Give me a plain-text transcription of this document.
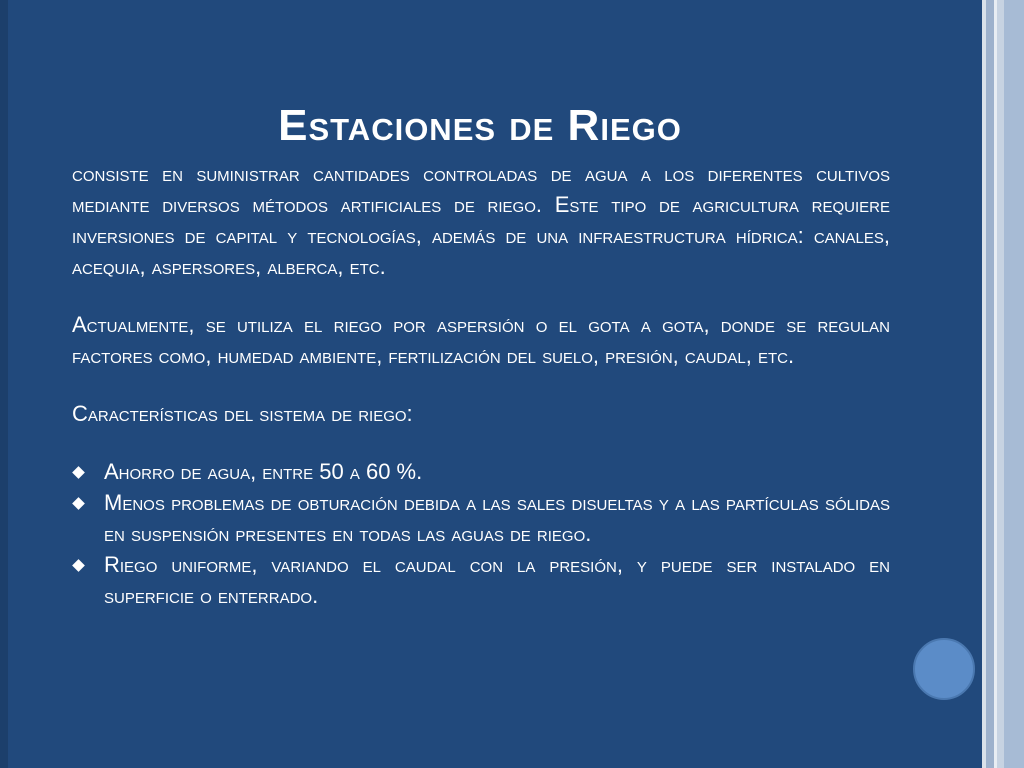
Estaciones de Riego

consiste en suministrar cantidades controladas de agua a los diferentes cultivos mediante diversos métodos artificiales de riego. Este tipo de agricultura requiere inversiones de capital y tecnologías, además de una infraestructura hídrica: canales, acequia, aspersores, alberca, etc.

Actualmente, se utiliza el riego por aspersión o el gota a gota, donde se regulan factores como, humedad ambiente, fertilización del suelo, presión, caudal, etc.

Características del sistema de riego:

Ahorro de agua, entre 50 a 60 %.
Menos problemas de obturación debida a las sales disueltas y a las partículas sólidas en suspensión presentes en todas las aguas de riego.
Riego uniforme, variando el caudal con la presión, y puede ser instalado en superficie o enterrado.
